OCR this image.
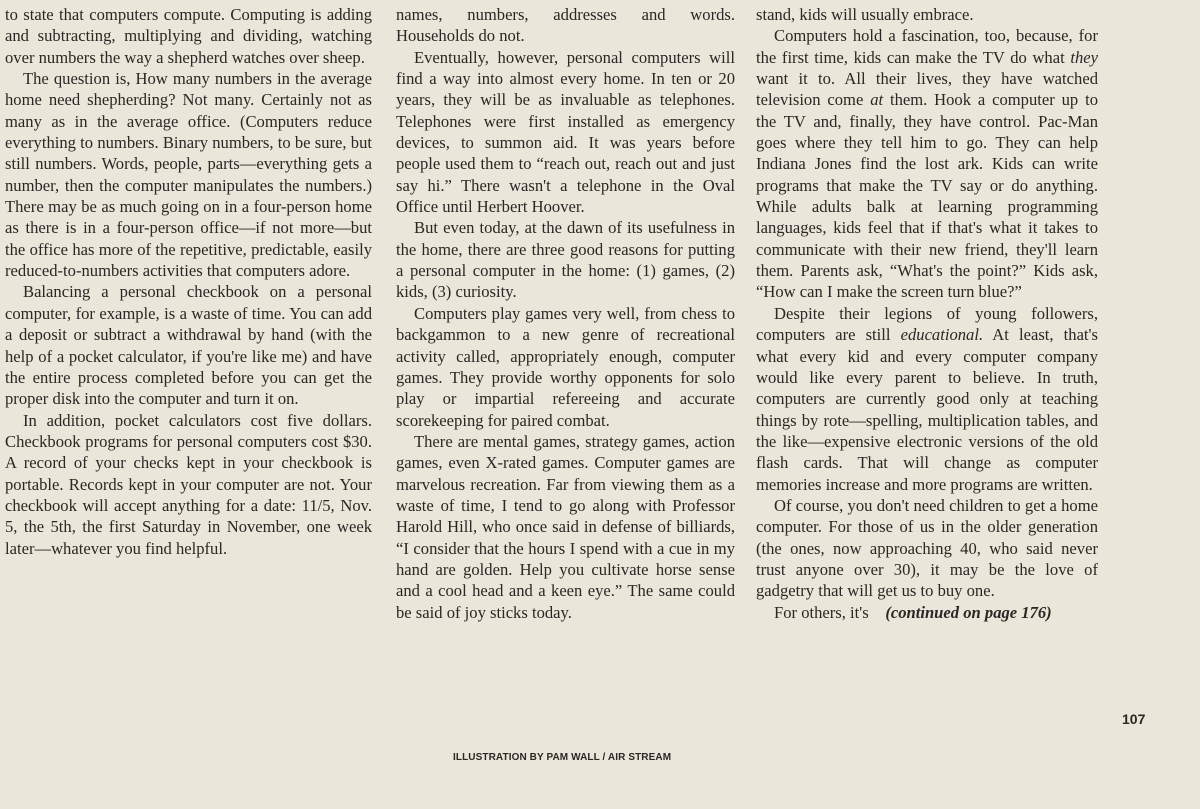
to state that computers compute. Computing is adding and subtracting, multiplying and dividing, watching over numbers the way a shepherd watches over sheep.

The question is, How many numbers in the average home need shepherding? Not many. Certainly not as many as in the average office. (Computers reduce everything to numbers. Binary numbers, to be sure, but still numbers. Words, people, parts—everything gets a number, then the computer manipulates the numbers.) There may be as much going on in a four-person home as there is in a four-person office—if not more—but the office has more of the repetitive, predictable, easily reduced-to-numbers activities that computers adore.

Balancing a personal checkbook on a personal computer, for example, is a waste of time. You can add a deposit or subtract a withdrawal by hand (with the help of a pocket calculator, if you're like me) and have the entire process completed before you can get the proper disk into the computer and turn it on.

In addition, pocket calculators cost five dollars. Checkbook programs for personal computers cost $30. A record of your checks kept in your checkbook is portable. Records kept in your computer are not. Your checkbook will accept anything for a date: 11/5, Nov. 5, the 5th, the first Saturday in November, one week later—whatever you find helpful.

names, numbers, addresses and words. Households do not.

Eventually, however, personal computers will find a way into almost every home. In ten or 20 years, they will be as invaluable as telephones. Telephones were first installed as emergency devices, to summon aid. It was years before people used them to “reach out, reach out and just say hi.” There wasn't a telephone in the Oval Office until Herbert Hoover.

But even today, at the dawn of its usefulness in the home, there are three good reasons for putting a personal computer in the home: (1) games, (2) kids, (3) curiosity.

Computers play games very well, from chess to backgammon to a new genre of recreational activity called, appropriately enough, computer games. They provide worthy opponents for solo play or impartial refereeing and accurate scorekeeping for paired combat.

There are mental games, strategy games, action games, even X-rated games. Computer games are marvelous recreation. Far from viewing them as a waste of time, I tend to go along with Professor Harold Hill, who once said in defense of billiards, “I consider that the hours I spend with a cue in my hand are golden. Help you cultivate horse sense and a cool head and a keen eye.” The same could be said of joy sticks today.

stand, kids will usually embrace.

Computers hold a fascination, too, because, for the first time, kids can make the TV do what they want it to. All their lives, they have watched television come at them. Hook a computer up to the TV and, finally, they have control. Pac-Man goes where they tell him to go. They can help Indiana Jones find the lost ark. Kids can write programs that make the TV say or do anything. While adults balk at learning programming languages, kids feel that if that's what it takes to communicate with their new friend, they'll learn them. Parents ask, “What's the point?” Kids ask, “How can I make the screen turn blue?”

Despite their legions of young followers, computers are still educational. At least, that's what every kid and every computer company would like every parent to believe. In truth, computers are currently good only at teaching things by rote—spelling, multiplication tables, and the like—expensive electronic versions of the old flash cards. That will change as computer memories increase and more programs are written.

Of course, you don't need children to get a home computer. For those of us in the older generation (the ones, now approaching 40, who said never trust anyone over 30), it may be the love of gadgetry that will get us to buy one.

For others, it's (continued on page 176)

107
ILLUSTRATION BY PAM WALL / AIR STREAM
